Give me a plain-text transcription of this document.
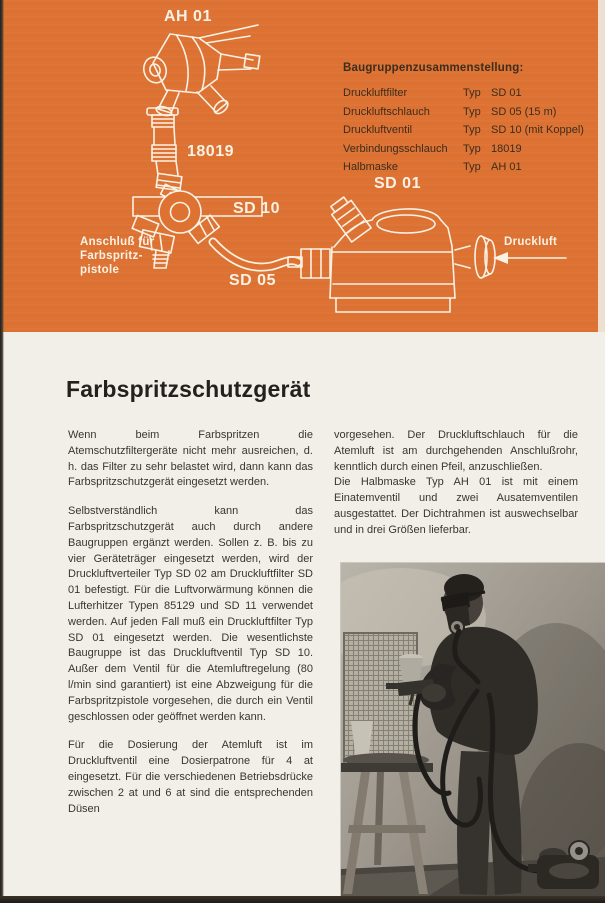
AH 01
18019
SD 10
SD 05
SD 01
Druckluft
Anschluß für
Farbspritz-
pistole

Baugruppenzusammenstellung:

Druckluftfilter	Typ SD 01
Druckluftschlauch	Typ SD 05 (15 m)
Druckluftventil	Typ SD 10 (mit Koppel)
Verbindungsschlauch	Typ 18019
Halbmaske	Typ AH 01
Farbspritzschutzgerät

Wenn beim Farbspritzen die Atemschutzfiltergeräte nicht mehr ausreichen, d. h. das Filter zu sehr belastet wird, dann kann das Farbspritzschutzgerät eingesetzt werden.

Selbstverständlich kann das Farbspritzschutzgerät auch durch andere Baugruppen ergänzt werden. Sollen z. B. bis zu vier Geräteträger eingesetzt werden, wird der Druckluftverteiler Typ SD 02 am Druckluftfilter SD 01 befestigt. Für die Luftvorwärmung können die Lufterhitzer Typen 85129 und SD 11 verwendet werden. Auf jeden Fall muß ein Druckluftfilter Typ SD 01 eingesetzt werden. Die wesentlichste Baugruppe ist das Druckluftventil Typ SD 10. Außer dem Ventil für die Atemluftregelung (80 l/min sind garantiert) ist eine Abzweigung für die Farbspritzpistole vorgesehen, die durch ein Ventil geschlossen oder geöffnet werden kann.

Für die Dosierung der Atemluft ist im Druckluftventil eine Dosierpatrone für 4 at eingesetzt. Für die verschiedenen Betriebsdrücke zwischen 2 at und 6 at sind die entsprechenden Düsen

vorgesehen. Der Druckluftschlauch für die Atemluft ist am durchgehenden Anschlußrohr, kenntlich durch einen Pfeil, anzuschließen.

Die Halbmaske Typ AH 01 ist mit einem Einatemventil und zwei Ausatemventilen ausgestattet. Der Dichtrahmen ist auswechselbar und in drei Größen lieferbar.
